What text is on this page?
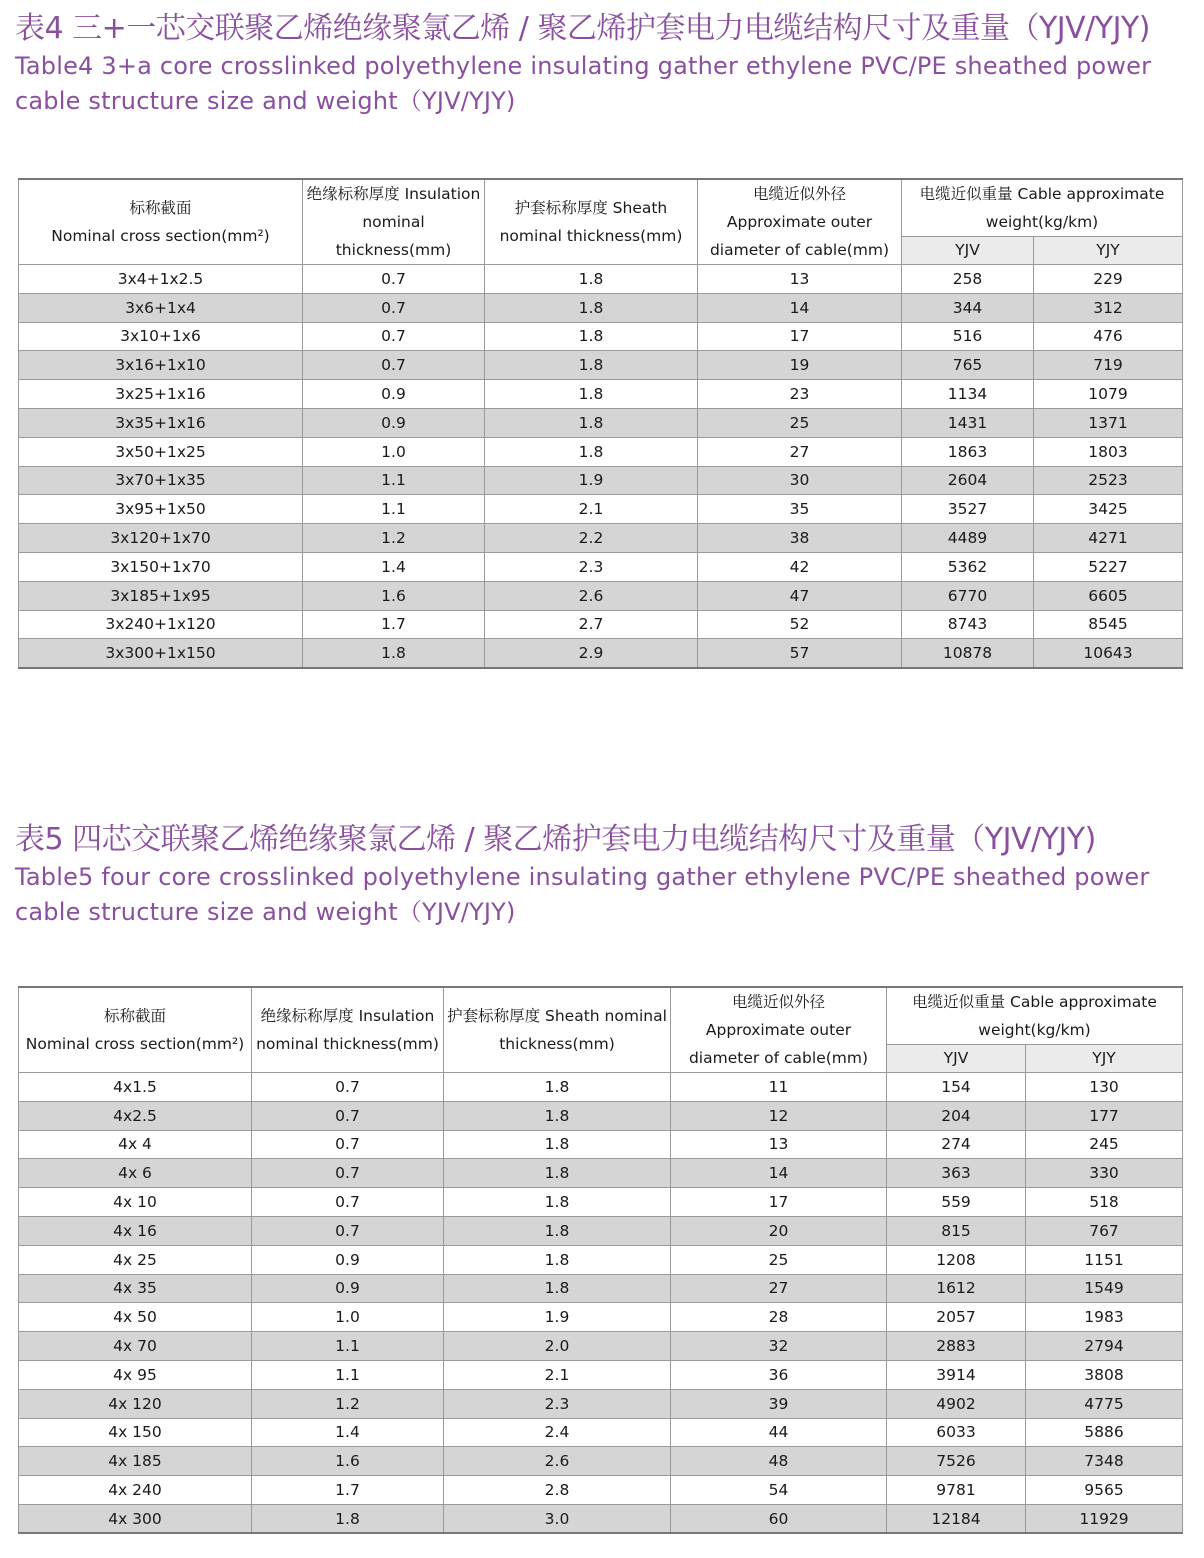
表4 三+一芯交联聚乙烯绝缘聚氯乙烯 / 聚乙烯护套电力电缆结构尺寸及重量（YJV/YJY)
Table4 3+a core crosslinked polyethylene insulating gather ethylene PVC/PE sheathed power cable structure size and weight（YJV/YJY)
标称截面
Nominal cross section(mm²)	绝缘标称厚度 Insulation
nominal
thickness(mm)	护套标称厚度 Sheath
nominal thickness(mm)	电缆近似外径
Approximate outer
diameter of cable(mm)	电缆近似重量 Cable approximate
weight(kg/km)	

				YJV	YJY
3x4+1x2.5	0.7	1.8	13	258	229
3x6+1x4	0.7	1.8	14	344	312
3x10+1x6	0.7	1.8	17	516	476
3x16+1x10	0.7	1.8	19	765	719
3x25+1x16	0.9	1.8	23	1134	1079
3x35+1x16	0.9	1.8	25	1431	1371
3x50+1x25	1.0	1.8	27	1863	1803
3x70+1x35	1.1	1.9	30	2604	2523
3x95+1x50	1.1	2.1	35	3527	3425
3x120+1x70	1.2	2.2	38	4489	4271
3x150+1x70	1.4	2.3	42	5362	5227
3x185+1x95	1.6	2.6	47	6770	6605
3x240+1x120	1.7	2.7	52	8743	8545
3x300+1x150	1.8	2.9	57	10878	10643
表5 四芯交联聚乙烯绝缘聚氯乙烯 / 聚乙烯护套电力电缆结构尺寸及重量（YJV/YJY)
Table5 four core crosslinked polyethylene insulating gather ethylene PVC/PE sheathed power cable structure size and weight（YJV/YJY)
标称截面
Nominal cross section(mm²)	绝缘标称厚度 Insulation
nominal thickness(mm)	护套标称厚度 Sheath nominal
thickness(mm)	电缆近似外径
Approximate outer
diameter of cable(mm)	电缆近似重量 Cable approximate
weight(kg/km)	

				YJV	YJY
4x1.5	0.7	1.8	11	154	130
4x2.5	0.7	1.8	12	204	177
4x 4	0.7	1.8	13	274	245
4x 6	0.7	1.8	14	363	330
4x 10	0.7	1.8	17	559	518
4x 16	0.7	1.8	20	815	767
4x 25	0.9	1.8	25	1208	1151
4x 35	0.9	1.8	27	1612	1549
4x 50	1.0	1.9	28	2057	1983
4x 70	1.1	2.0	32	2883	2794
4x 95	1.1	2.1	36	3914	3808
4x 120	1.2	2.3	39	4902	4775
4x 150	1.4	2.4	44	6033	5886
4x 185	1.6	2.6	48	7526	7348
4x 240	1.7	2.8	54	9781	9565
4x 300	1.8	3.0	60	12184	11929
